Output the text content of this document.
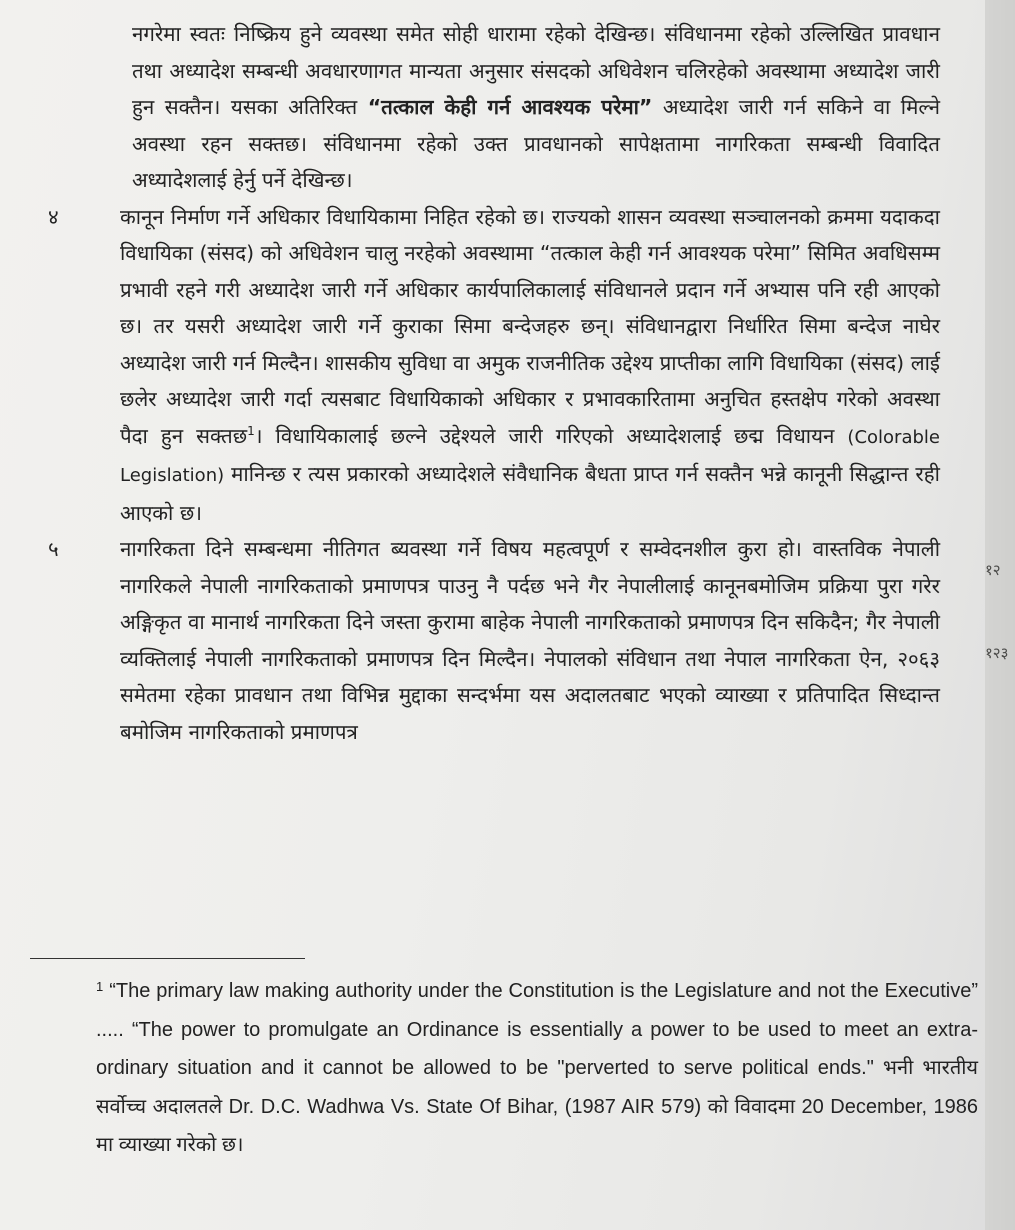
१२
१२३

नगरेमा स्वतः निष्क्रिय हुने व्यवस्था समेत सोही धारामा रहेको देखिन्छ। संविधानमा रहेको उल्लिखित प्रावधान तथा अध्यादेश सम्बन्धी अवधारणागत मान्यता अनुसार संसदको अधिवेशन चलिरहेको अवस्थामा अध्यादेश जारी हुन सक्तैन। यसका अतिरिक्त “तत्काल केही गर्न आवश्यक परेमा” अध्यादेश जारी गर्न सकिने वा मिल्ने अवस्था रहन सक्तछ। संविधानमा रहेको उक्त प्रावधानको सापेक्षतामा नागरिकता सम्बन्धी विवादित अध्यादेशलाई हेर्नु पर्ने देखिन्छ।

४	कानून निर्माण गर्ने अधिकार विधायिकामा निहित रहेको छ। राज्यको शासन व्यवस्था सञ्चालनको क्रममा यदाकदा विधायिका (संसद) को अधिवेशन चालु नरहेको अवस्थामा “तत्काल केही गर्न आवश्यक परेमा” सिमित अवधिसम्म प्रभावी रहने गरी अध्यादेश जारी गर्ने अधिकार कार्यपालिकालाई संविधानले प्रदान गर्ने अभ्यास पनि रही आएको छ। तर यसरी अध्यादेश जारी गर्ने कुराका सिमा बन्देजहरु छन्। संविधानद्वारा निर्धारित सिमा बन्देज नाघेर अध्यादेश जारी गर्न मिल्दैन। शासकीय सुविधा वा अमुक राजनीतिक उद्देश्य प्राप्तीका लागि विधायिका (संसद) लाई छलेर अध्यादेश जारी गर्दा त्यसबाट विधायिकाको अधिकार र प्रभावकारितामा अनुचित हस्तक्षेप गरेको अवस्था पैदा हुन सक्तछ$^1$। विधायिकालाई छल्ने उद्देश्यले जारी गरिएको अध्यादेशलाई छद्म विधायन (Colorable Legislation) मानिन्छ र त्यस प्रकारको अध्यादेशले संवैधानिक बैधता प्राप्त गर्न सक्तैन भन्ने कानूनी सिद्धान्त रही आएको छ।

५	नागरिकता दिने सम्बन्धमा नीतिगत ब्यवस्था गर्ने विषय महत्वपूर्ण र सम्वेदनशील कुरा हो। वास्तविक नेपाली नागरिकले नेपाली नागरिकताको प्रमाणपत्र पाउनु नै पर्दछ भने गैर नेपालीलाई कानूनबमोजिम प्रक्रिया पुरा गरेर अङ्गिकृत वा मानार्थ नागरिकता दिने जस्ता कुरामा बाहेक नेपाली नागरिकताको प्रमाणपत्र दिन सकिदैन; गैर नेपाली व्यक्तिलाई नेपाली नागरिकताको प्रमाणपत्र दिन मिल्दैन। नेपालको संविधान तथा नेपाल नागरिकता ऐन, २०६३ समेतमा रहेका प्रावधान तथा विभिन्न मुद्दाका सन्दर्भमा यस अदालतबाट भएको व्याख्या र प्रतिपादित सिध्दान्त बमोजिम नागरिकताको प्रमाणपत्र

$^1$ “The primary law making authority under the Constitution is the Legislature and not the Executive” ..... “The power to promulgate an Ordinance is essentially a power to be used to meet an extra-ordinary situation and it cannot be allowed to be "perverted to serve political ends." भनी भारतीय सर्वोच्च अदालतले Dr. D.C. Wadhwa Vs. State Of Bihar, (1987 AIR 579) को विवादमा 20 December, 1986 मा व्याख्या गरेको छ।
